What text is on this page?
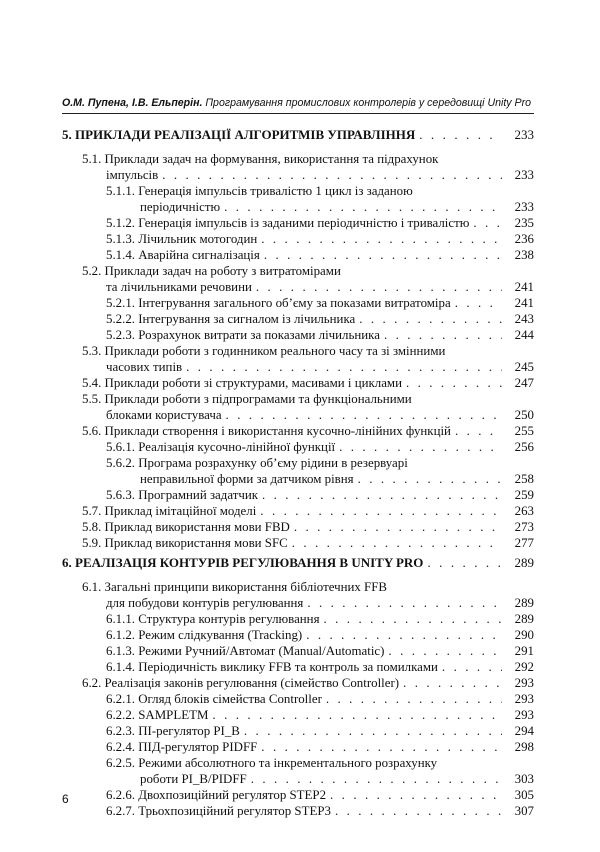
О.М. Пупена, І.В. Ельперін. Програмування промислових контролерів у середовищі Unity Pro
5. ПРИКЛАДИ РЕАЛІЗАЦІЇ АЛГОРИТМІВ УПРАВЛІННЯ . . .	233
5.1. Приклади задач на формування, використання та підрахунок
імпульсів . . .	233
5.1.1. Генерація імпульсів тривалістю 1 цикл із заданою
періодичністю . . .	233
5.1.2. Генерація імпульсів із заданими періодичністю і тривалістю . . .	235
5.1.3. Лічильник мотогодин . . .	236
5.1.4. Аварійна сигналізація . . .	238
5.2. Приклади задач на роботу з витратомірами
та лічильниками речовини . . .	241
5.2.1. Інтегрування загального об’єму за показами витратоміра . . .	241
5.2.2. Інтегрування за сигналом із лічильника . . .	243
5.2.3. Розрахунок витрати за показами лічильника . . .	244
5.3. Приклади роботи з годинником реального часу та зі змінними
часових типів . . .	245
5.4. Приклади роботи зі структурами, масивами і циклами . . .	247
5.5. Приклади роботи з підпрограмами та функціональними
блоками користувача . . .	250
5.6. Приклади створення і використання кусочно-лінійних функцій . . .	255
5.6.1. Реалізація кусочно-лінійної функції . . .	256
5.6.2. Програма розрахунку об’єму рідини в резервуарі
неправильної форми за датчиком рівня . . .	258
5.6.3. Програмний задатчик . . .	259
5.7. Приклад імітаційної моделі . . .	263
5.8. Приклад використання мови FBD . . .	273
5.9. Приклад використання мови SFC . . .	277
6. РЕАЛІЗАЦІЯ КОНТУРІВ РЕГУЛЮВАННЯ В UNITY PRO . . .	289
6.1. Загальні принципи використання бібліотечних FFB
для побудови контурів регулювання . . .	289
6.1.1. Структура контурів регулювання . . .	289
6.1.2. Режим слідкування (Tracking) . . .	290
6.1.3. Режими Ручний/Автомат (Manual/Automatic) . . .	291
6.1.4. Періодичність виклику FFB та контроль за помилками . . .	292
6.2. Реалізація законів регулювання (сімейство Controller) . . .	293
6.2.1. Огляд блоків сімейства Controller . . .	293
6.2.2. SAMPLETM . . .	293
6.2.3. ПІ-регулятор PI_B . . .	294
6.2.4. ПІД-регулятор PIDFF . . .	298
6.2.5. Режими абсолютного та інкрементального розрахунку
роботи PI_B/PIDFF . . .	303
6.2.6. Двохпозиційний регулятор STEP2 . . .	305
6.2.7. Трьохпозиційний регулятор STEP3 . . .	307
6
